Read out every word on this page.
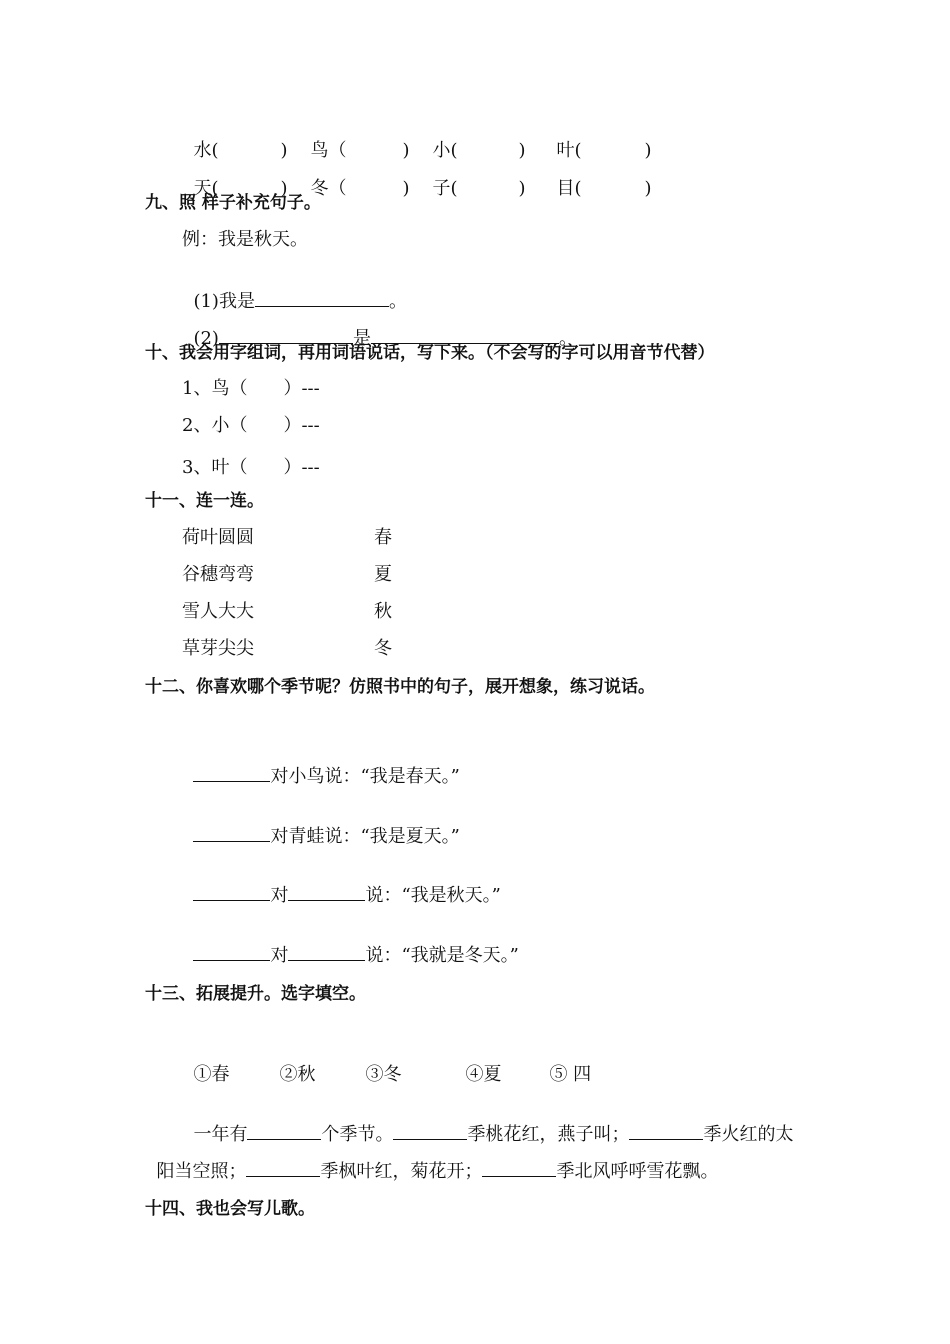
水(	) 鸟（	) 小(	) 叶(	)

天(	) 冬（	) 子(	) 目(	)

九、照 样子补充句子。
例：我是秋天。

(1)我是	。

(2)	是	。

十、我会用字组词，再用词语说话，写下来。（不会写的字可以用音节代替）
1、鸟（　　）---
2、小（　　）---
3、叶（　　）---
十一、连一连。
荷叶圆圆	春
谷穗弯弯	夏
雪人大大	秋
草芽尖尖	冬
十二、你喜欢哪个季节呢？仿照书中的句子，展开想象，练习说话。

对小鸟说：“我是春天。”

对青蛙说：“我是夏天。”

对	说：“我是秋天。”

对	说：“我就是冬天。”

十三、拓展提升。选字填空。

①春	②秋	③冬	④夏	⑤ 四

一年有	个季节。	季桃花红，燕子叫；	季火红的太

阳当空照；	季枫叶红，菊花开；	季北风呼呼雪花飘。

十四、我也会写儿歌。
